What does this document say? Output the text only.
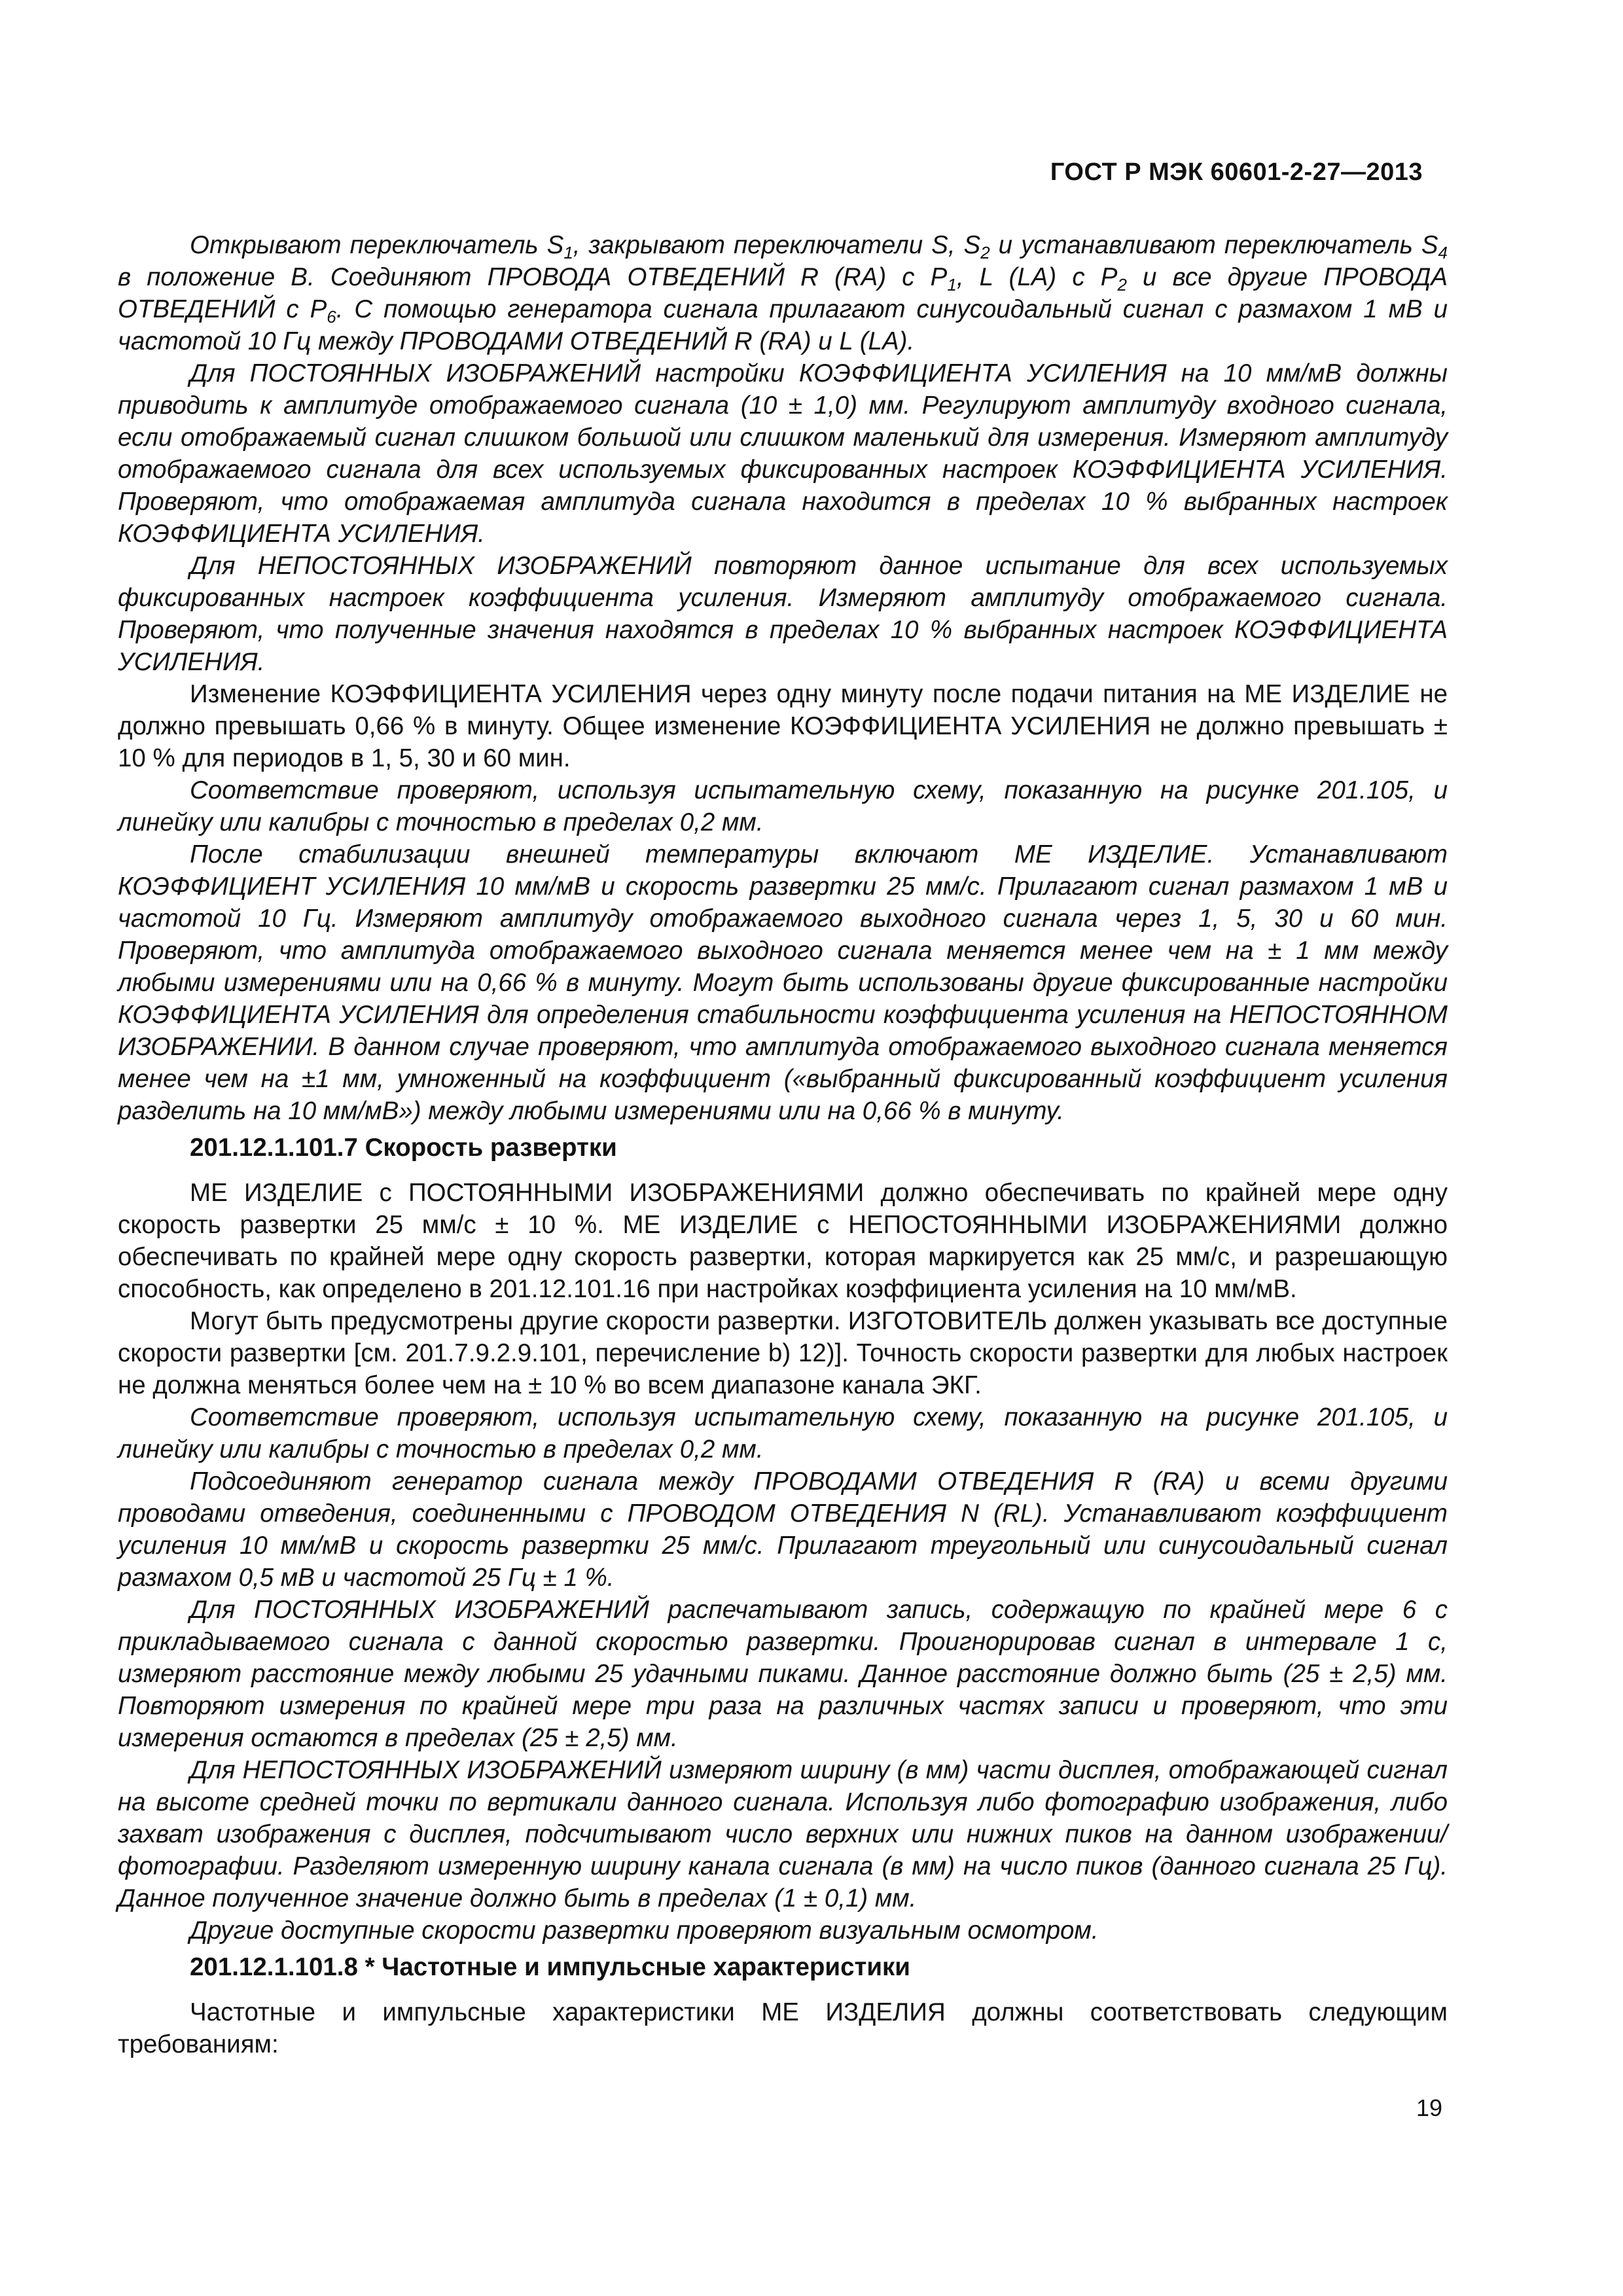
ГОСТ Р МЭК 60601-2-27—2013

Открывают переключатель $S_1$, закрывают переключатели S, $S_2$ и устанавливают переключатель $S_4$ в положение В. Соединяют ПРОВОДА ОТВЕДЕНИЙ R (RA) с $P_1$, L (LA) с $P_2$ и все другие ПРОВОДА ОТВЕДЕНИЙ с $P_6$. С помощью генератора сигнала прилагают синусоидальный сигнал с размахом 1 мВ и частотой 10 Гц между ПРОВОДАМИ ОТВЕДЕНИЙ R (RA) и L (LA).

Для ПОСТОЯННЫХ ИЗОБРАЖЕНИЙ настройки КОЭФФИЦИЕНТА УСИЛЕНИЯ на 10 мм/мВ должны приводить к амплитуде отображаемого сигнала (10 ± 1,0) мм. Регулируют амплитуду входного сигнала, если отображаемый сигнал слишком большой или слишком маленький для измерения. Измеряют амплитуду отображаемого сигнала для всех используемых фиксированных настроек КОЭФФИЦИЕНТА УСИЛЕНИЯ. Проверяют, что отображаемая амплитуда сигнала находится в пределах 10 % выбранных настроек КОЭФФИЦИЕНТА УСИЛЕНИЯ.

Для НЕПОСТОЯННЫХ ИЗОБРАЖЕНИЙ повторяют данное испытание для всех используемых фиксированных настроек коэффициента усиления. Измеряют амплитуду отображаемого сигнала. Проверяют, что полученные значения находятся в пределах 10 % выбранных настроек КОЭФФИЦИЕНТА УСИЛЕНИЯ.

Изменение КОЭФФИЦИЕНТА УСИЛЕНИЯ через одну минуту после подачи питания на МЕ ИЗДЕЛИЕ не должно превышать 0,66 % в минуту. Общее изменение КОЭФФИЦИЕНТА УСИЛЕНИЯ не должно превышать ± 10 % для периодов в 1, 5, 30 и 60 мин.

Соответствие проверяют, используя испытательную схему, показанную на рисунке 201.105, и линейку или калибры с точностью в пределах 0,2 мм.

После стабилизации внешней температуры включают МЕ ИЗДЕЛИЕ. Устанавливают КОЭФФИЦИЕНТ УСИЛЕНИЯ 10 мм/мВ и скорость развертки 25 мм/с. Прилагают сигнал размахом 1 мВ и частотой 10 Гц. Измеряют амплитуду отображаемого выходного сигнала через 1, 5, 30 и 60 мин. Проверяют, что амплитуда отображаемого выходного сигнала меняется менее чем на ± 1 мм между любыми измерениями или на 0,66 % в минуту. Могут быть использованы другие фиксированные настройки КОЭФФИЦИЕНТА УСИЛЕНИЯ для определения стабильности коэффициента усиления на НЕПОСТОЯННОМ ИЗОБРАЖЕНИИ. В данном случае проверяют, что амплитуда отображаемого выходного сигнала меняется менее чем на ±1 мм, умноженный на коэффициент («выбранный фиксированный коэффициент усиления разделить на 10 мм/мВ») между любыми измерениями или на 0,66 % в минуту.

201.12.1.101.7 Скорость развертки

МЕ ИЗДЕЛИЕ с ПОСТОЯННЫМИ ИЗОБРАЖЕНИЯМИ должно обеспечивать по крайней мере одну скорость развертки 25 мм/с ± 10 %. МЕ ИЗДЕЛИЕ с НЕПОСТОЯННЫМИ ИЗОБРАЖЕНИЯМИ должно обеспечивать по крайней мере одну скорость развертки, которая маркируется как 25 мм/с, и разрешающую способность, как определено в 201.12.101.16 при настройках коэффициента усиления на 10 мм/мВ.

Могут быть предусмотрены другие скорости развертки. ИЗГОТОВИТЕЛЬ должен указывать все доступные скорости развертки [см. 201.7.9.2.9.101, перечисление b) 12)]. Точность скорости развертки для любых настроек не должна меняться более чем на ± 10 % во всем диапазоне канала ЭКГ.

Соответствие проверяют, используя испытательную схему, показанную на рисунке 201.105, и линейку или калибры с точностью в пределах 0,2 мм.

Подсоединяют генератор сигнала между ПРОВОДАМИ ОТВЕДЕНИЯ R (RA) и всеми другими проводами отведения, соединенными с ПРОВОДОМ ОТВЕДЕНИЯ N (RL). Устанавливают коэффициент усиления 10 мм/мВ и скорость развертки 25 мм/с. Прилагают треугольный или синусоидальный сигнал размахом 0,5 мВ и частотой 25 Гц ± 1 %.

Для ПОСТОЯННЫХ ИЗОБРАЖЕНИЙ распечатывают запись, содержащую по крайней мере 6 с прикладываемого сигнала с данной скоростью развертки. Проигнорировав сигнал в интервале 1 с, измеряют расстояние между любыми 25 удачными пиками. Данное расстояние должно быть (25 ± 2,5) мм. Повторяют измерения по крайней мере три раза на различных частях записи и проверяют, что эти измерения остаются в пределах (25 ± 2,5) мм.

Для НЕПОСТОЯННЫХ ИЗОБРАЖЕНИЙ измеряют ширину (в мм) части дисплея, отображающей сигнал на высоте средней точки по вертикали данного сигнала. Используя либо фотографию изображения, либо захват изображения с дисплея, подсчитывают число верхних или нижних пиков на данном изображении/фотографии. Разделяют измеренную ширину канала сигнала (в мм) на число пиков (данного сигнала 25 Гц). Данное полученное значение должно быть в пределах (1 ± 0,1) мм.

Другие доступные скорости развертки проверяют визуальным осмотром.

201.12.1.101.8 * Частотные и импульсные характеристики

Частотные и импульсные характеристики МЕ ИЗДЕЛИЯ должны соответствовать следующим требованиям:

19
